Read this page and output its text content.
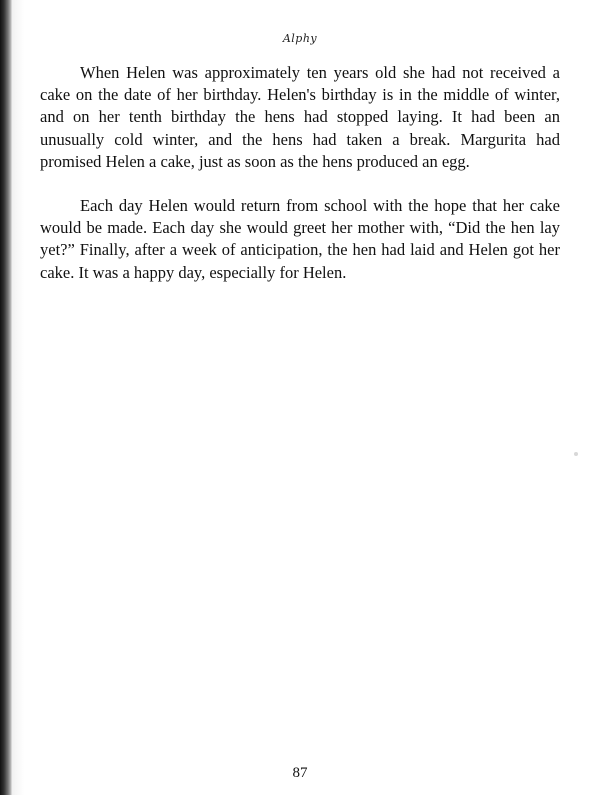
Alphy

When Helen was approximately ten years old she had not received a cake on the date of her birthday. Helen's birthday is in the middle of winter, and on her tenth birthday the hens had stopped laying. It had been an unusually cold winter, and the hens had taken a break. Margurita had promised Helen a cake, just as soon as the hens produced an egg.

Each day Helen would return from school with the hope that her cake would be made. Each day she would greet her mother with, “Did the hen lay yet?” Finally, after a week of anticipation, the hen had laid and Helen got her cake. It was a happy day, especially for Helen.

87
